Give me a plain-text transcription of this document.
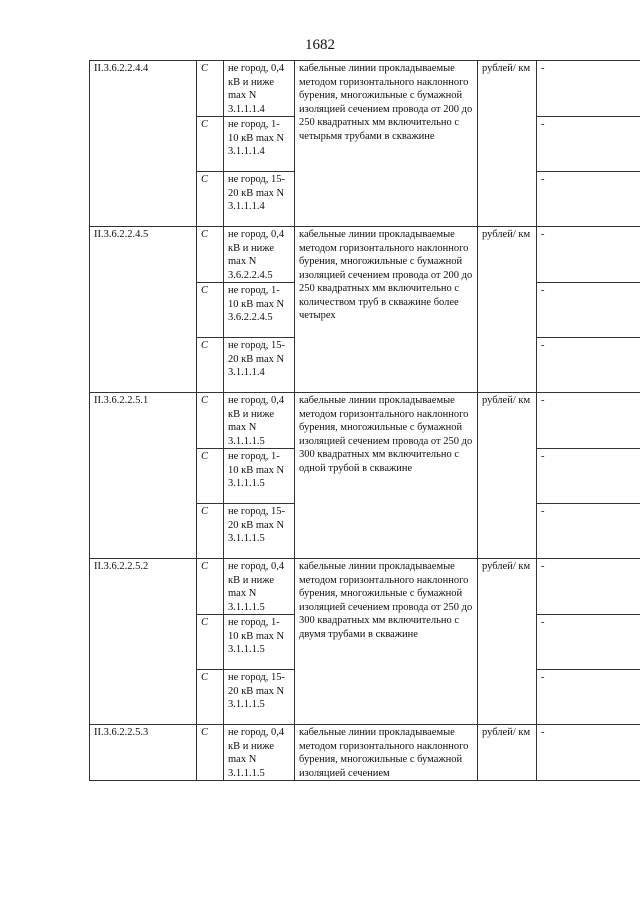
1682
II.3.6.2.2.4.4	С	не город, 0,4 кВ и ниже max N 3.1.1.1.4	кабельные линии прокладываемые методом горизонтального наклонного бурения, многожильные с бумажной изоляцией сечением провода от 200 до 250 квадратных мм включительно с четырьмя трубами в скважине	рублей/ км	-
	С	не город, 1-10 кВ max N 3.1.1.1.4			-
	С	не город, 15-20 кВ max N 3.1.1.1.4			-
II.3.6.2.2.4.5	С	не город, 0,4 кВ и ниже max N 3.6.2.2.4.5	кабельные линии прокладываемые методом горизонтального наклонного бурения, многожильные с бумажной изоляцией сечением провода от 200 до 250 квадратных мм включительно с количеством труб в скважине более четырех	рублей/ км	-
	С	не город, 1-10 кВ max N 3.6.2.2.4.5			-
	С	не город, 15-20 кВ max N 3.1.1.1.4			-
II.3.6.2.2.5.1	С	не город, 0,4 кВ и ниже max N 3.1.1.1.5	кабельные линии прокладываемые методом горизонтального наклонного бурения, многожильные с бумажной изоляцией сечением провода от 250 до 300 квадратных мм включительно с одной трубой в скважине	рублей/ км	-
	С	не город, 1-10 кВ max N 3.1.1.1.5			-
	С	не город, 15-20 кВ max N 3.1.1.1.5			-
II.3.6.2.2.5.2	С	не город, 0,4 кВ и ниже max N 3.1.1.1.5	кабельные линии прокладываемые методом горизонтального наклонного бурения, многожильные с бумажной изоляцией сечением провода от 250 до 300 квадратных мм включительно с двумя трубами в скважине	рублей/ км	-
	С	не город, 1-10 кВ max N 3.1.1.1.5			-
	С	не город, 15-20 кВ max N 3.1.1.1.5			-
II.3.6.2.2.5.3	С	не город, 0,4 кВ и ниже max N 3.1.1.1.5	кабельные линии прокладываемые методом горизонтального наклонного бурения, многожильные с бумажной изоляцией сечением	рублей/ км	-
